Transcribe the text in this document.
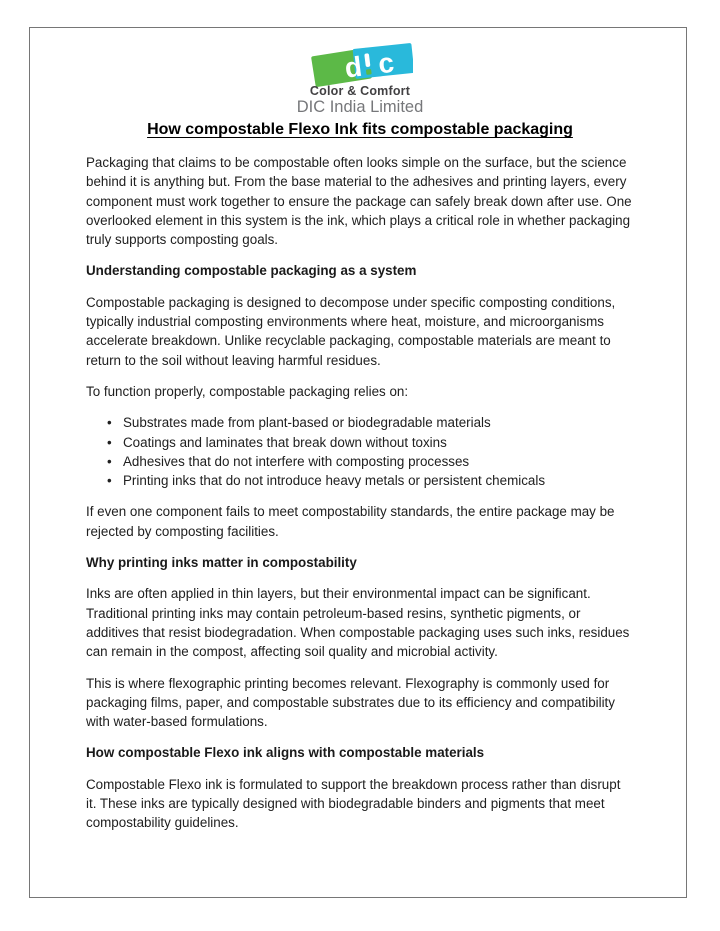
d c
Color & Comfort
DIC India Limited
How compostable Flexo Ink fits compostable packaging

Packaging that claims to be compostable often looks simple on the surface, but the science behind it is anything but. From the base material to the adhesives and printing layers, every component must work together to ensure the package can safely break down after use. One overlooked element in this system is the ink, which plays a critical role in whether packaging truly supports composting goals.

Understanding compostable packaging as a system

Compostable packaging is designed to decompose under specific composting conditions, typically industrial composting environments where heat, moisture, and microorganisms accelerate breakdown. Unlike recyclable packaging, compostable materials are meant to return to the soil without leaving harmful residues.

To function properly, compostable packaging relies on:

• Substrates made from plant-based or biodegradable materials
• Coatings and laminates that break down without toxins
• Adhesives that do not interfere with composting processes
• Printing inks that do not introduce heavy metals or persistent chemicals

If even one component fails to meet compostability standards, the entire package may be rejected by composting facilities.

Why printing inks matter in compostability

Inks are often applied in thin layers, but their environmental impact can be significant. Traditional printing inks may contain petroleum-based resins, synthetic pigments, or additives that resist biodegradation. When compostable packaging uses such inks, residues can remain in the compost, affecting soil quality and microbial activity.

This is where flexographic printing becomes relevant. Flexography is commonly used for packaging films, paper, and compostable substrates due to its efficiency and compatibility with water-based formulations.

How compostable Flexo ink aligns with compostable materials

Compostable Flexo ink is formulated to support the breakdown process rather than disrupt it. These inks are typically designed with biodegradable binders and pigments that meet compostability guidelines.
